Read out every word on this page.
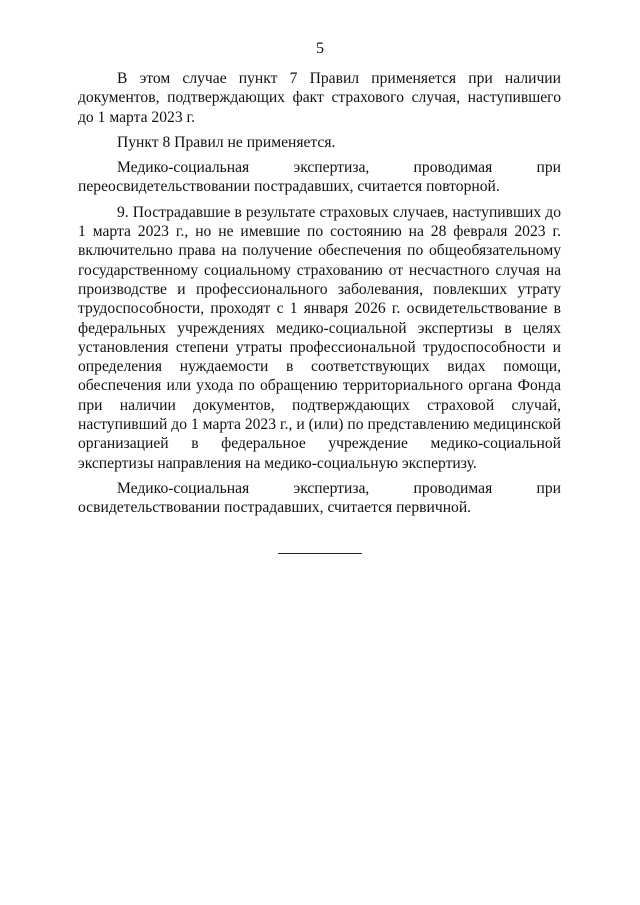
5

В этом случае пункт 7 Правил применяется при наличии документов, подтверждающих факт страхового случая, наступившего до 1 марта 2023 г.

Пункт 8 Правил не применяется.

Медико-социальная экспертиза, проводимая при переосвидетельствовании пострадавших, считается повторной.

9. Пострадавшие в результате страховых случаев, наступивших до 1 марта 2023 г., но не имевшие по состоянию на 28 февраля 2023 г. включительно права на получение обеспечения по общеобязательному государственному социальному страхованию от несчастного случая на производстве и профессионального заболевания, повлекших утрату трудоспособности, проходят с 1 января 2026 г. освидетельствование в федеральных учреждениях медико-социальной экспертизы в целях установления степени утраты профессиональной трудоспособности и определения нуждаемости в соответствующих видах помощи, обеспечения или ухода по обращению территориального органа Фонда при наличии документов, подтверждающих страховой случай, наступивший до 1 марта 2023 г., и (или) по представлению медицинской организацией в федеральное учреждение медико-социальной экспертизы направления на медико-социальную экспертизу.

Медико-социальная экспертиза, проводимая при освидетельствовании пострадавших, считается первичной.
